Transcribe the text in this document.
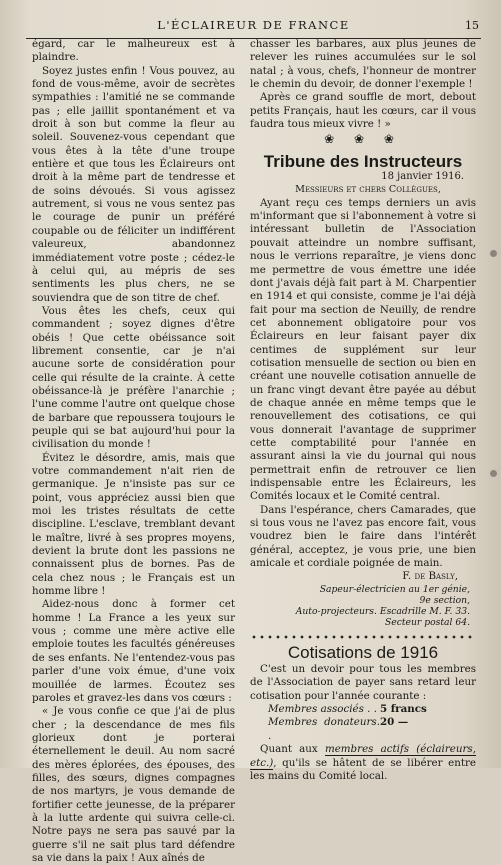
L'ÉCLAIREUR DE FRANCE	15

égard, car le malheureux est à plaindre.

Soyez justes enfin ! Vous pouvez, au fond de vous-même, avoir de secrètes sympathies : l'amitié ne se commande pas ; elle jaillit spontanément et va droit à son but comme la fleur au soleil. Souvenez-vous cependant que vous êtes à la tête d'une troupe entière et que tous les Éclaireurs ont droit à la même part de tendresse et de soins dévoués. Si vous agissez autrement, si vous ne vous sentez pas le courage de punir un préféré coupable ou de féliciter un indifférent valeureux, abandonnez immédiatement votre poste ; cédez-le à celui qui, au mépris de ses sentiments les plus chers, ne se souviendra que de son titre de chef.

Vous êtes les chefs, ceux qui commandent ; soyez dignes d'être obéis ! Que cette obéissance soit librement consentie, car je n'ai aucune sorte de considération pour celle qui résulte de la crainte. À cette obéissance-là je préfère l'anarchie ; l'une comme l'autre ont quelque chose de barbare que repoussera toujours le peuple qui se bat aujourd'hui pour la civilisation du monde !

Évitez le désordre, amis, mais que votre commandement n'ait rien de germanique. Je n'insiste pas sur ce point, vous appréciez aussi bien que moi les tristes résultats de cette discipline. L'esclave, tremblant devant le maître, livré à ses propres moyens, devient la brute dont les passions ne connaissent plus de bornes. Pas de cela chez nous ; le Français est un homme libre !

Aidez-nous donc à former cet homme ! La France a les yeux sur vous ; comme une mère active elle emploie toutes les facultés généreuses de ses enfants. Ne l'entendez-vous pas parler d'une voix émue, d'une voix mouillée de larmes. Écoutez ses paroles et gravez-les dans vos cœurs :

« Je vous confie ce que j'ai de plus cher ; la descendance de mes fils glorieux dont je porterai éternellement le deuil. Au nom sacré des mères éplorées, des épouses, des filles, des sœurs, dignes compagnes de nos martyrs, je vous demande de fortifier cette jeunesse, de la préparer à la lutte ardente qui suivra celle-ci. Notre pays ne sera pas sauvé par la guerre s'il ne sait plus tard défendre sa vie dans la paix ! Aux aînés de

chasser les barbares, aux plus jeunes de relever les ruines accumulées sur le sol natal ; à vous, chefs, l'honneur de montrer le chemin du devoir, de donner l'exemple !

Après ce grand souffle de mort, debout petits Français, haut les cœurs, car il vous faudra tous mieux vivre ! »

❀ ❀ ❀
Tribune des Instructeurs
18 janvier 1916.

Messieurs et chers Collègues,

Ayant reçu ces temps derniers un avis m'informant que si l'abonnement à votre si intéressant bulletin de l'Association pouvait atteindre un nombre suffisant, nous le verrions reparaître, je viens donc me permettre de vous émettre une idée dont j'avais déjà fait part à M. Charpentier en 1914 et qui consiste, comme je l'ai déjà fait pour ma section de Neuilly, de rendre cet abonnement obligatoire pour vos Éclaireurs en leur faisant payer dix centimes de supplément sur leur cotisation mensuelle de section ou bien en créant une nouvelle cotisation annuelle de un franc vingt devant être payée au début de chaque année en même temps que le renouvellement des cotisations, ce qui vous donnerait l'avantage de supprimer cette comptabilité pour l'année en assurant ainsi la vie du journal qui nous permettrait enfin de retrouver ce lien indispensable entre les Éclaireurs, les Comités locaux et le Comité central.

Dans l'espérance, chers Camarades, que si tous vous ne l'avez pas encore fait, vous voudrez bien le faire dans l'intérêt général, acceptez, je vous prie, une bien amicale et cordiale poignée de main.

F. de Basly,
Sapeur-électricien au 1er génie,
9e section,
Auto-projecteurs. Escadrille M. F. 33.
Secteur postal 64.
Cotisations de 1916

C'est un devoir pour tous les membres de l'Association de payer sans retard leur cotisation pour l'année courante :

Membres associés . . 5 francs
Membres donateurs. .
20 —

Quant aux membres actifs (éclaireurs, etc.), qu'ils se hâtent de se libérer entre les mains du Comité local.
